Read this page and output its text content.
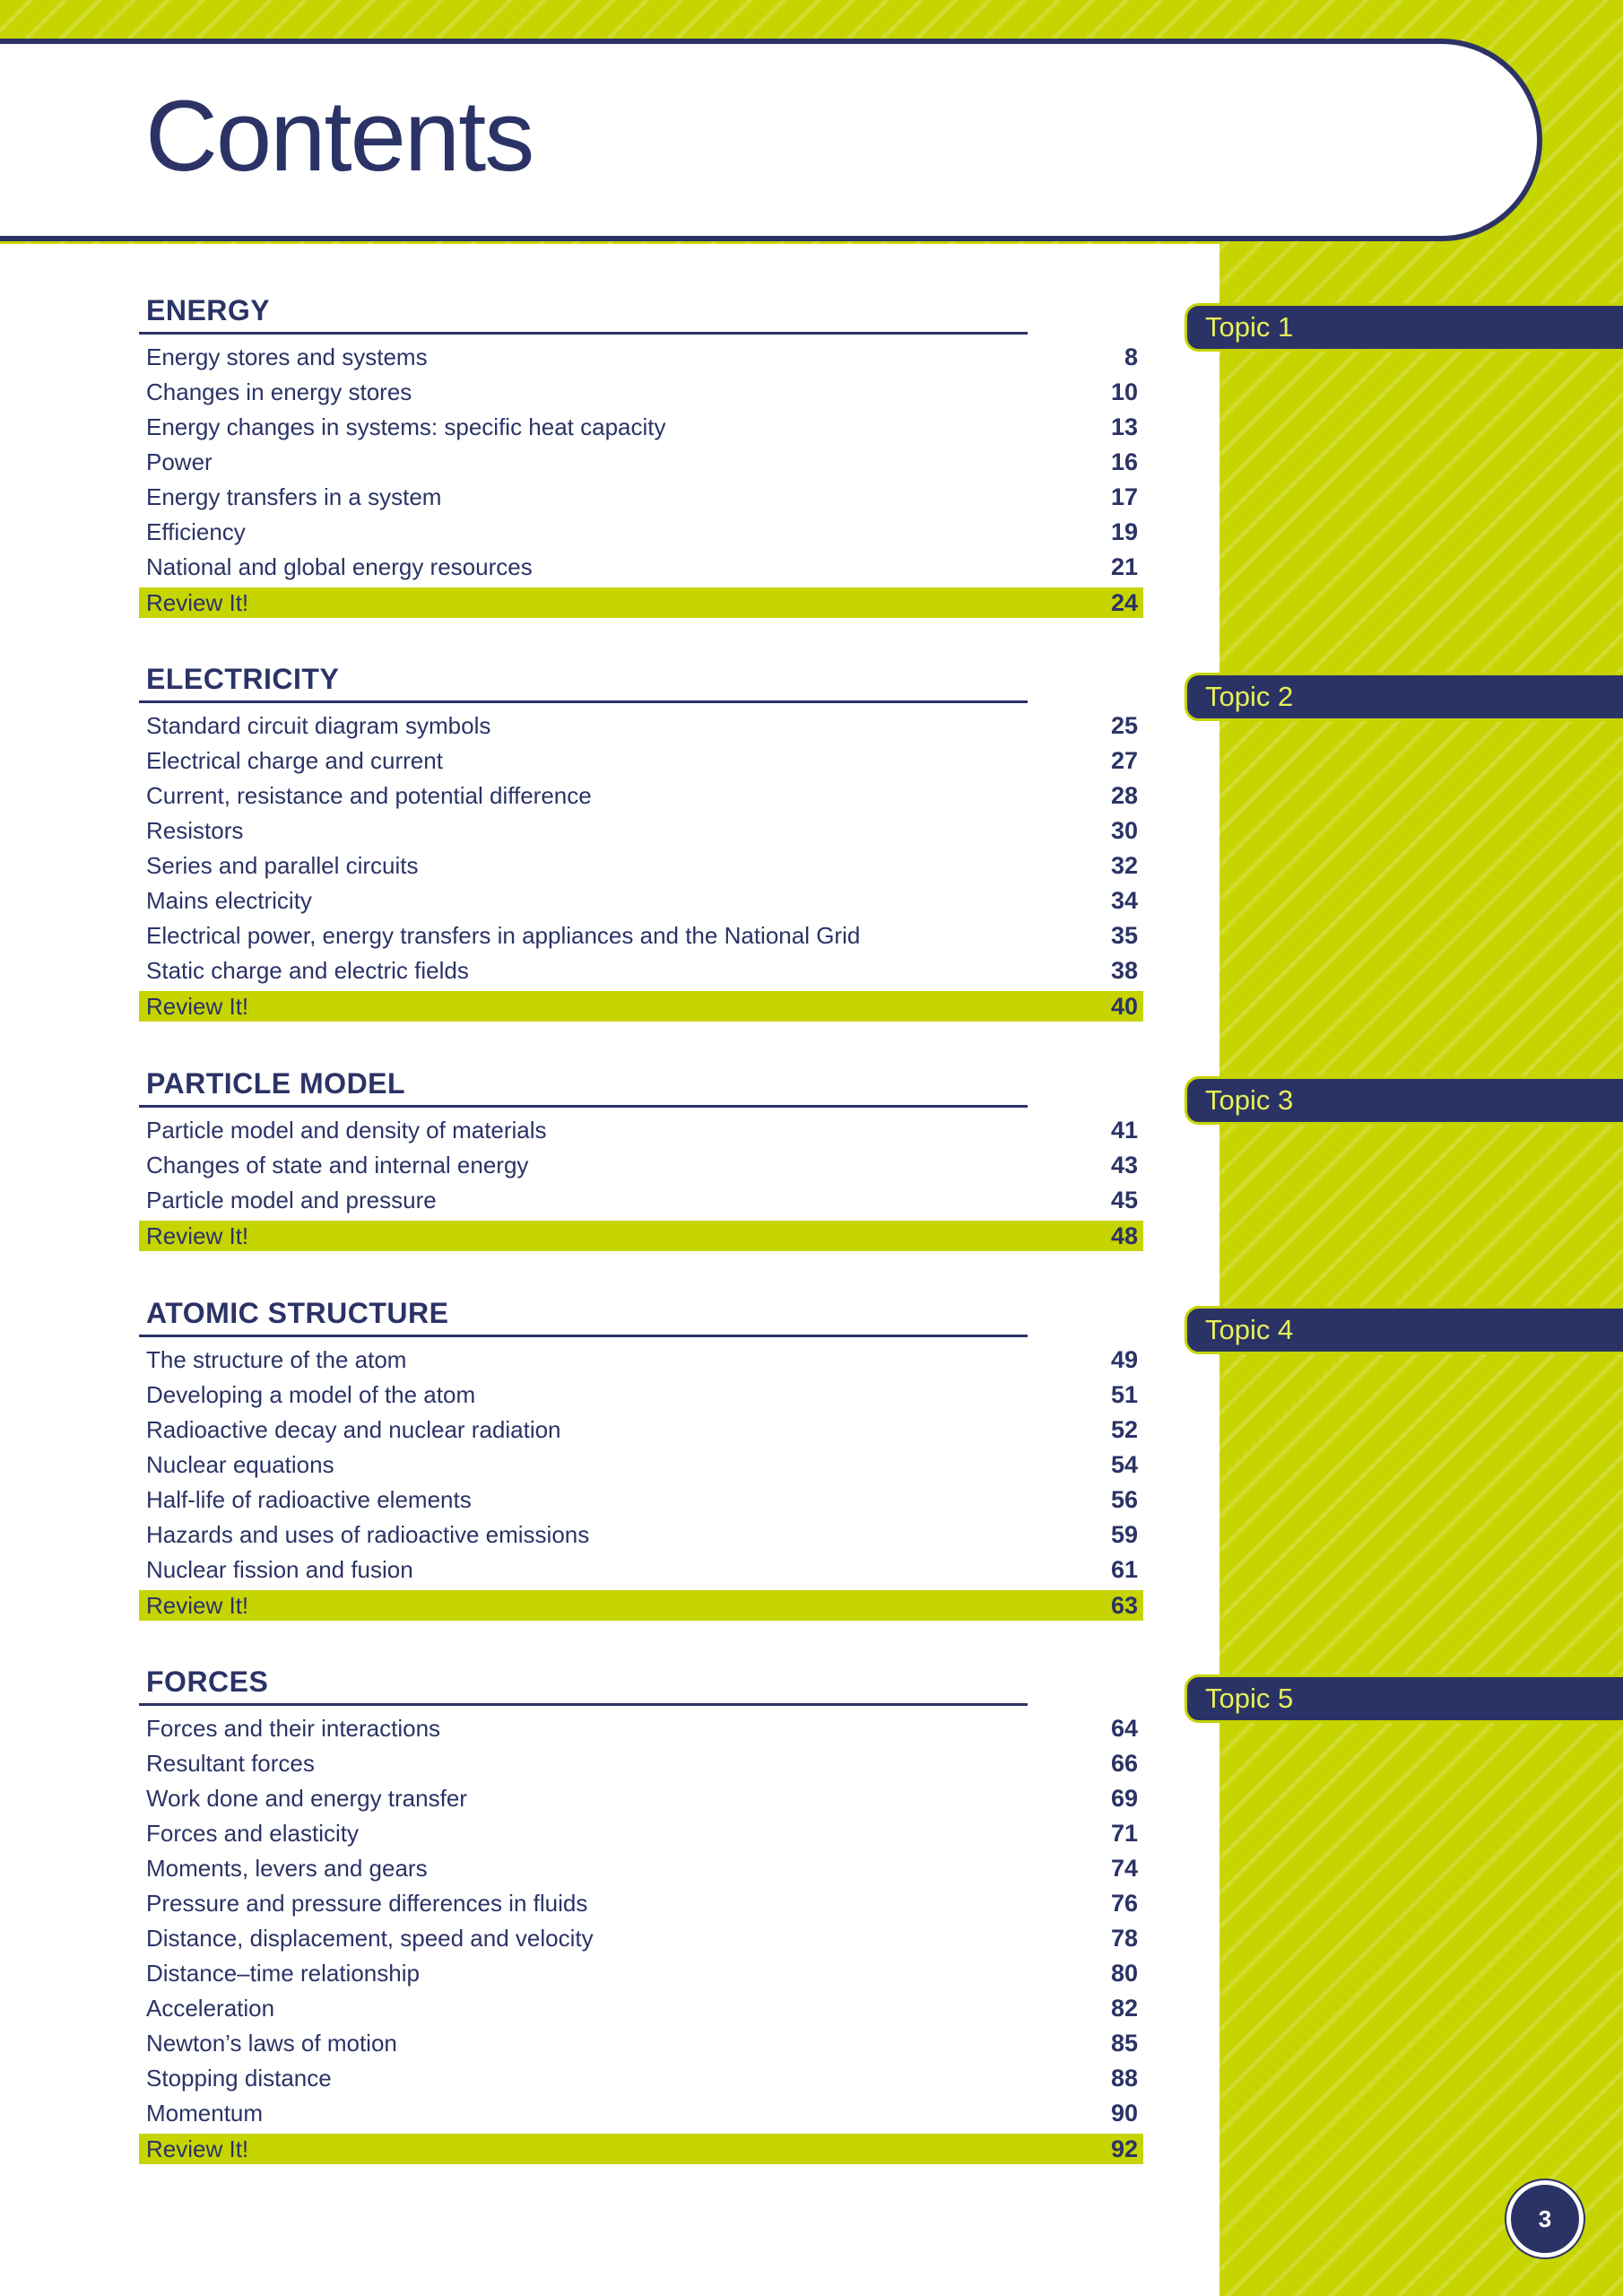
Contents
ENERGY
Energy stores and systems	8
Changes in energy stores	10
Energy changes in systems: specific heat capacity	13
Power	16
Energy transfers in a system	17
Efficiency	19
National and global energy resources	21
Review It!	24
ELECTRICITY
Standard circuit diagram symbols	25
Electrical charge and current	27
Current, resistance and potential difference	28
Resistors	30
Series and parallel circuits	32
Mains electricity	34
Electrical power, energy transfers in appliances and the National Grid	35
Static charge and electric fields	38
Review It!	40
PARTICLE MODEL
Particle model and density of materials	41
Changes of state and internal energy	43
Particle model and pressure	45
Review It!	48
ATOMIC STRUCTURE
The structure of the atom	49
Developing a model of the atom	51
Radioactive decay and nuclear radiation	52
Nuclear equations	54
Half-life of radioactive elements	56
Hazards and uses of radioactive emissions	59
Nuclear fission and fusion	61
Review It!	63
FORCES
Forces and their interactions	64
Resultant forces	66
Work done and energy transfer	69
Forces and elasticity	71
Moments, levers and gears	74
Pressure and pressure differences in fluids	76
Distance, displacement, speed and velocity	78
Distance–time relationship	80
Acceleration	82
Newton’s laws of motion	85
Stopping distance	88
Momentum	90
Review It!	92
Topic 1
Topic 2
Topic 3
Topic 4
Topic 5
3
